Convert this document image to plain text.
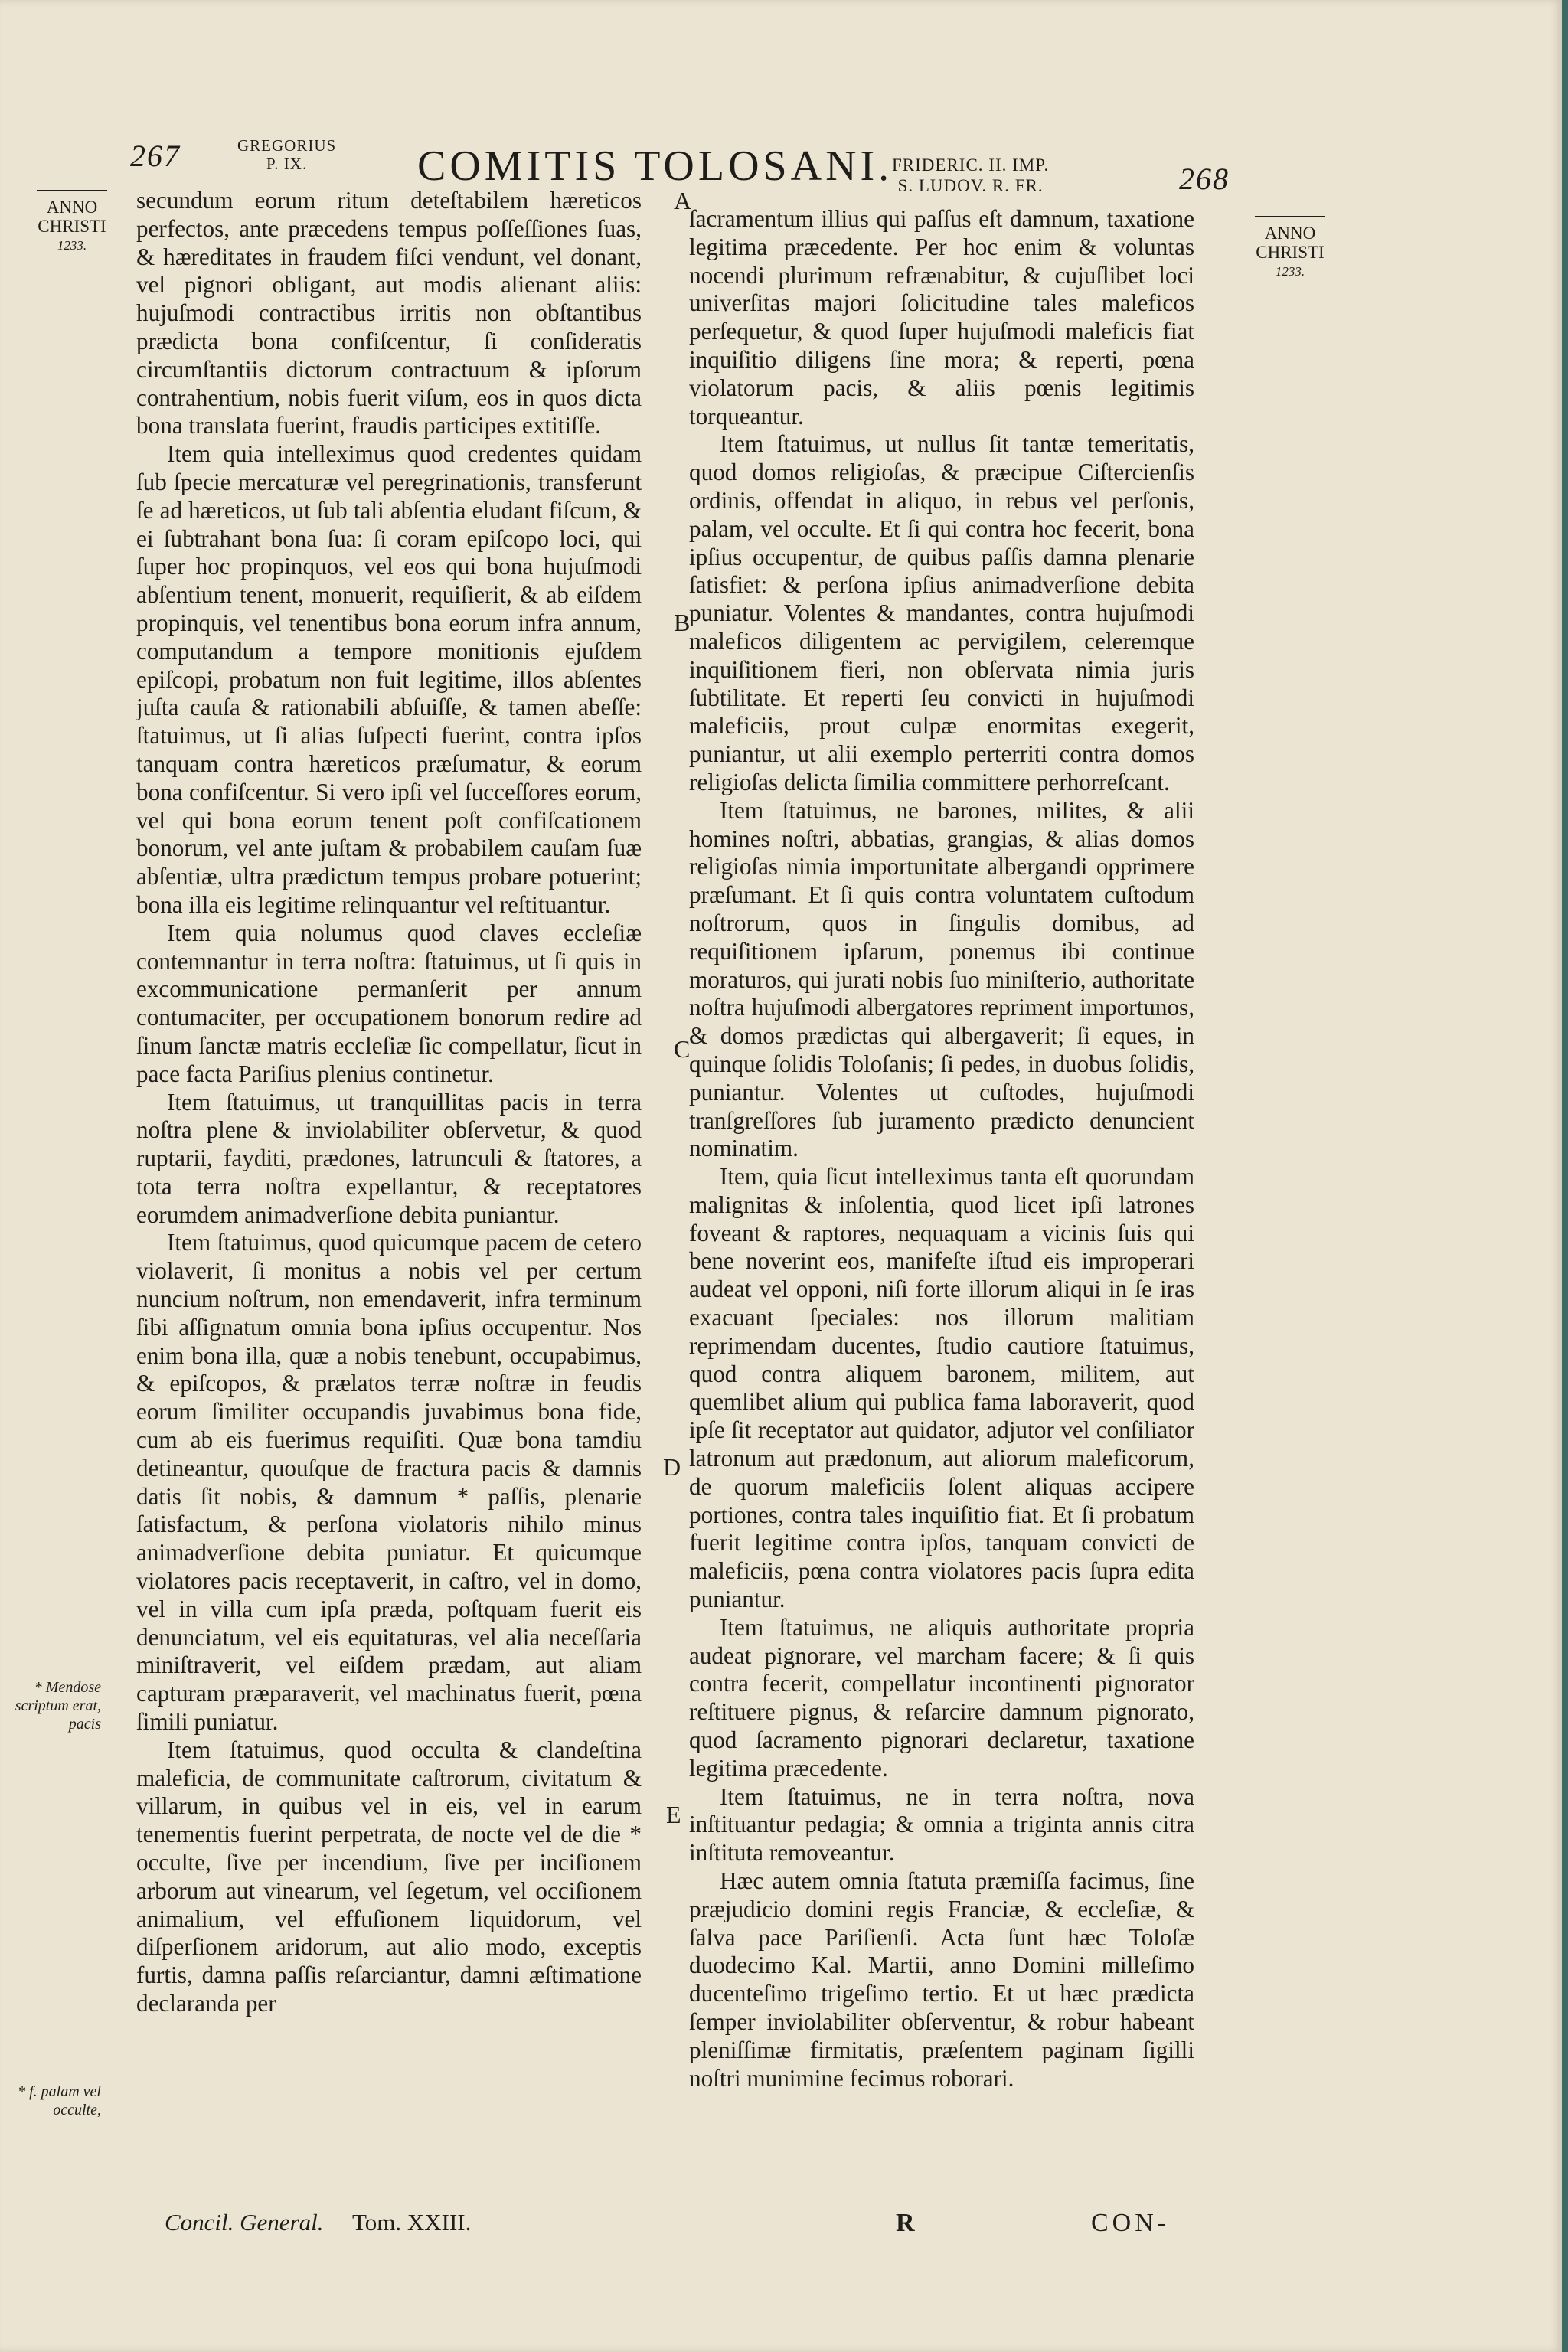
267	GREGORIUS
P. IX.	COMITIS TOLOSANI.
FRIDERIC. II. IMP.
S. LUDOV. R. FR.	268
ANNO
CHRISTI
1233.
ANNO
CHRISTI
1233.

secundum eorum ritum deteſtabilem hæreticos perfectos, ante præcedens tempus poſſeſſiones ſuas, & hæreditates in fraudem fiſci vendunt, vel donant, vel pignori obligant, aut modis alienant aliis: hujuſmodi contractibus irritis non obſtantibus prædicta bona confiſcentur, ſi conſideratis circumſtantiis dictorum contractuum & ipſorum contrahentium, nobis fuerit viſum, eos in quos dicta bona translata fuerint, fraudis participes extitiſſe.

Item quia intelleximus quod credentes quidam ſub ſpecie mercaturæ vel peregrinationis, transferunt ſe ad hæreticos, ut ſub tali abſentia eludant fiſcum, & ei ſubtrahant bona ſua: ſi coram epiſcopo loci, qui ſuper hoc propinquos, vel eos qui bona hujuſmodi abſentium tenent, monuerit, requiſierit, & ab eiſdem propinquis, vel tenentibus bona eorum infra annum, computandum a tempore monitionis ejuſdem epiſcopi, probatum non fuit legitime, illos abſentes juſta cauſa & rationabili abſuiſſe, & tamen abeſſe: ſtatuimus, ut ſi alias ſuſpecti fuerint, contra ipſos tanquam contra hæreticos præſumatur, & eorum bona confiſcentur. Si vero ipſi vel ſucceſſores eorum, vel qui bona eorum tenent poſt confiſcationem bonorum, vel ante juſtam & probabilem cauſam ſuæ abſentiæ, ultra prædictum tempus probare potuerint; bona illa eis legitime relinquantur vel reſtituantur.

Item quia nolumus quod claves eccleſiæ contemnantur in terra noſtra: ſtatuimus, ut ſi quis in excommunicatione permanſerit per annum contumaciter, per occupationem bonorum redire ad ſinum ſanctæ matris eccleſiæ ſic compellatur, ſicut in pace facta Pariſius plenius continetur.

Item ſtatuimus, ut tranquillitas pacis in terra noſtra plene & inviolabiliter obſervetur, & quod ruptarii, fayditi, prædones, latrunculi & ſtatores, a tota terra noſtra expellantur, & receptatores eorumdem animadverſione debita puniantur.

Item ſtatuimus, quod quicumque pacem de cetero violaverit, ſi monitus a nobis vel per certum nuncium noſtrum, non emendaverit, infra terminum ſibi aſſignatum omnia bona ipſius occupentur. Nos enim bona illa, quæ a nobis tenebunt, occupabimus, & epiſcopos, & prælatos terræ noſtræ in feudis eorum ſimiliter occupandis juvabimus bona fide, cum ab eis fuerimus requiſiti. Quæ bona tamdiu detineantur, quouſque de fractura pacis & damnis datis ſit nobis, & damnum * paſſis, plenarie ſatisfactum, & perſona violatoris nihilo minus animadverſione debita puniatur. Et quicumque violatores pacis receptaverit, in caſtro, vel in domo, vel in villa cum ipſa præda, poſtquam fuerit eis denunciatum, vel eis equitaturas, vel alia neceſſaria miniſtraverit, vel eiſdem prædam, aut aliam capturam præparaverit, vel machinatus fuerit, pœna ſimili puniatur.

Item ſtatuimus, quod occulta & clandeſtina maleficia, de communitate caſtrorum, civitatum & villarum, in quibus vel in eis, vel in earum tenementis fuerint perpetrata, de nocte vel de die * occulte, ſive per incendium, ſive per inciſionem arborum aut vinearum, vel ſegetum, vel occiſionem animalium, vel effuſionem liquidorum, vel diſperſionem aridorum, aut alio modo, exceptis furtis, damna paſſis reſarciantur, damni æſtimatione declaranda per

ſacramentum illius qui paſſus eſt damnum, taxatione legitima præcedente. Per hoc enim & voluntas nocendi plurimum refrænabitur, & cujuſlibet loci univerſitas majori ſolicitudine tales maleficos perſequetur, & quod ſuper hujuſmodi maleficis fiat inquiſitio diligens ſine mora; & reperti, pœna violatorum pacis, & aliis pœnis legitimis torqueantur.

Item ſtatuimus, ut nullus ſit tantæ temeritatis, quod domos religioſas, & præcipue Ciſtercienſis ordinis, offendat in aliquo, in rebus vel perſonis, palam, vel occulte. Et ſi qui contra hoc fecerit, bona ipſius occupentur, de quibus paſſis damna plenarie ſatisfiet: & perſona ipſius animadverſione debita puniatur. Volentes & mandantes, contra hujuſmodi maleficos diligentem ac pervigilem, celeremque inquiſitionem fieri, non obſervata nimia juris ſubtilitate. Et reperti ſeu convicti in hujuſmodi maleficiis, prout culpæ enormitas exegerit, puniantur, ut alii exemplo perterriti contra domos religioſas delicta ſimilia committere perhorreſcant.

Item ſtatuimus, ne barones, milites, & alii homines noſtri, abbatias, grangias, & alias domos religioſas nimia importunitate albergandi opprimere præſumant. Et ſi quis contra voluntatem cuſtodum noſtrorum, quos in ſingulis domibus, ad requiſitionem ipſarum, ponemus ibi continue moraturos, qui jurati nobis ſuo miniſterio, authoritate noſtra hujuſmodi albergatores repriment importunos, & domos prædictas qui albergaverit; ſi eques, in quinque ſolidis Toloſanis; ſi pedes, in duobus ſolidis, puniantur. Volentes ut cuſtodes, hujuſmodi tranſgreſſores ſub juramento prædicto denuncient nominatim.

Item, quia ſicut intelleximus tanta eſt quorundam malignitas & inſolentia, quod licet ipſi latrones foveant & raptores, nequaquam a vicinis ſuis qui bene noverint eos, manifeſte iſtud eis improperari audeat vel opponi, niſi forte illorum aliqui in ſe iras exacuant ſpeciales: nos illorum malitiam reprimendam ducentes, ſtudio cautiore ſtatuimus, quod contra aliquem baronem, militem, aut quemlibet alium qui publica fama laboraverit, quod ipſe ſit receptator aut quidator, adjutor vel conſiliator latronum aut prædonum, aut aliorum maleficorum, de quorum maleficiis ſolent aliquas accipere portiones, contra tales inquiſitio fiat. Et ſi probatum fuerit legitime contra ipſos, tanquam convicti de maleficiis, pœna contra violatores pacis ſupra edita puniantur.

Item ſtatuimus, ne aliquis authoritate propria audeat pignorare, vel marcham facere; & ſi quis contra fecerit, compellatur incontinenti pignorator reſtituere pignus, & reſarcire damnum pignorato, quod ſacramento pignorari declaretur, taxatione legitima præcedente.

Item ſtatuimus, ne in terra noſtra, nova inſtituantur pedagia; & omnia a triginta annis citra inſtituta removeantur.

Hæc autem omnia ſtatuta præmiſſa facimus, ſine præjudicio domini regis Franciæ, & eccleſiæ, & ſalva pace Pariſienſi. Acta ſunt hæc Toloſæ duodecimo Kal. Martii, anno Domini milleſimo ducenteſimo trigeſimo tertio. Et ut hæc prædicta ſemper inviolabiliter obſerventur, & robur habeant pleniſſimæ firmitatis, præſentem paginam ſigilli noſtri munimine fecimus roborari.

A
B
C
D
E
* Mendose scriptum erat, pacis
* f. palam vel occulte,
Concil. General. Tom. XXIII.	R	CON-
